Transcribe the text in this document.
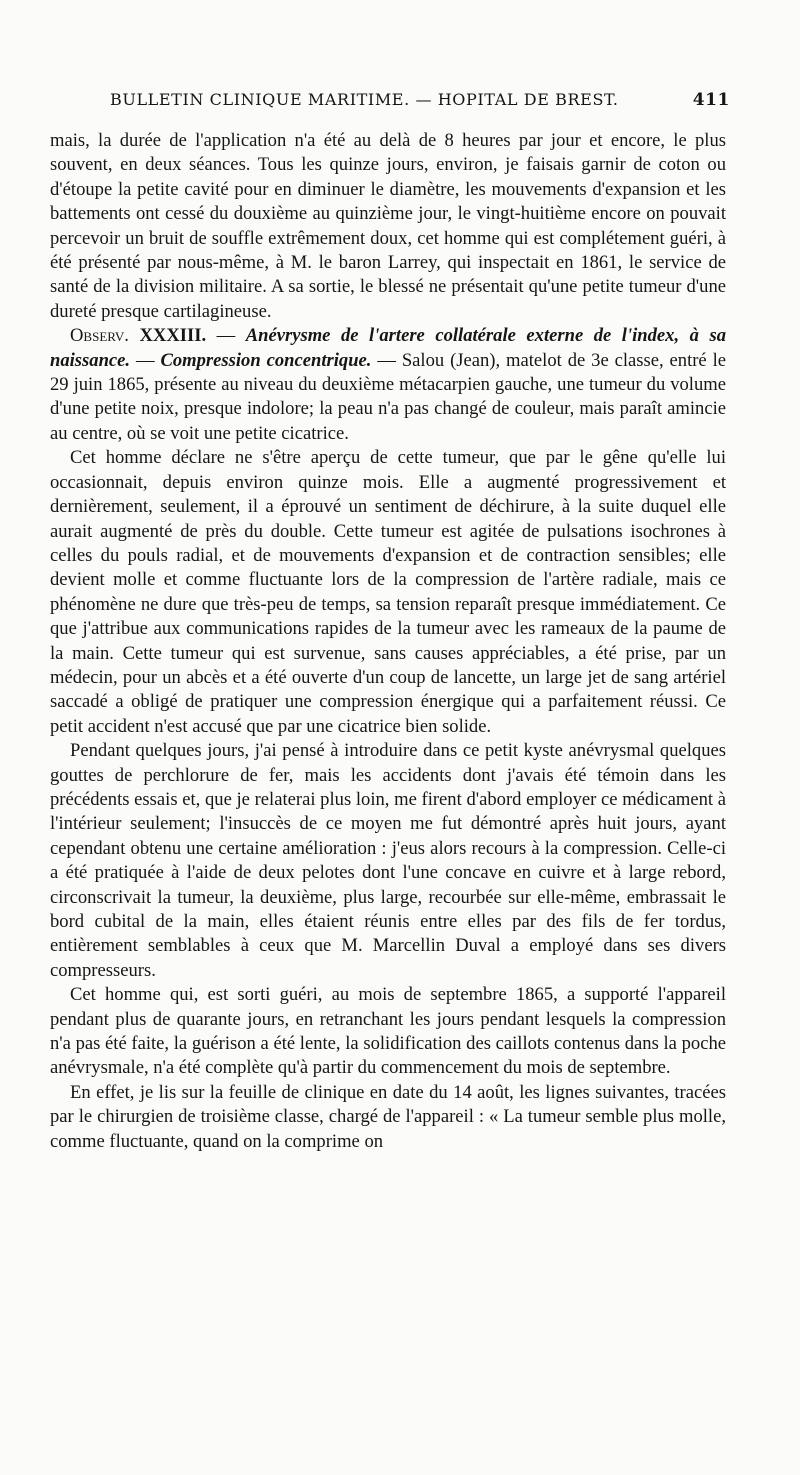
BULLETIN CLINIQUE MARITIME. — HOPITAL DE BREST.	411

mais, la durée de l'application n'a été au delà de 8 heures par jour et encore, le plus souvent, en deux séances. Tous les quinze jours, environ, je faisais garnir de coton ou d'étoupe la petite cavité pour en diminuer le diamètre, les mouvements d'expansion et les battements ont cessé du douxième au quinzième jour, le vingt-huitième encore on pouvait percevoir un bruit de souffle extrêmement doux, cet homme qui est complétement guéri, à été présenté par nous-même, à M. le baron Larrey, qui inspectait en 1861, le service de santé de la division militaire. A sa sortie, le blessé ne présentait qu'une petite tumeur d'une dureté presque cartilagineuse.

Observ. XXXIII. — Anévrysme de l'artere collatérale externe de l'index, à sa naissance. — Compression concentrique. — Salou (Jean), matelot de 3e classe, entré le 29 juin 1865, présente au niveau du deuxième métacarpien gauche, une tumeur du volume d'une petite noix, presque indolore; la peau n'a pas changé de couleur, mais paraît amincie au centre, où se voit une petite cicatrice.

Cet homme déclare ne s'être aperçu de cette tumeur, que par le gêne qu'elle lui occasionnait, depuis environ quinze mois. Elle a augmenté progressivement et dernièrement, seulement, il a éprouvé un sentiment de déchirure, à la suite duquel elle aurait augmenté de près du double. Cette tumeur est agitée de pulsations isochrones à celles du pouls radial, et de mouvements d'expansion et de contraction sensibles; elle devient molle et comme fluctuante lors de la compression de l'artère radiale, mais ce phénomène ne dure que très-peu de temps, sa tension reparaît presque immédiatement. Ce que j'attribue aux communications rapides de la tumeur avec les rameaux de la paume de la main. Cette tumeur qui est survenue, sans causes appréciables, a été prise, par un médecin, pour un abcès et a été ouverte d'un coup de lancette, un large jet de sang artériel saccadé a obligé de pratiquer une compression énergique qui a parfaitement réussi. Ce petit accident n'est accusé que par une cicatrice bien solide.

Pendant quelques jours, j'ai pensé à introduire dans ce petit kyste anévrysmal quelques gouttes de perchlorure de fer, mais les accidents dont j'avais été témoin dans les précédents essais et, que je relaterai plus loin, me firent d'abord employer ce médicament à l'intérieur seulement; l'insuccès de ce moyen me fut démontré après huit jours, ayant cependant obtenu une certaine amélioration : j'eus alors recours à la compression. Celle-ci a été pratiquée à l'aide de deux pelotes dont l'une concave en cuivre et à large rebord, circonscrivait la tumeur, la deuxième, plus large, recourbée sur elle-même, embrassait le bord cubital de la main, elles étaient réunis entre elles par des fils de fer tordus, entièrement semblables à ceux que M. Marcellin Duval a employé dans ses divers compresseurs.

Cet homme qui, est sorti guéri, au mois de septembre 1865, a supporté l'appareil pendant plus de quarante jours, en retranchant les jours pendant lesquels la compression n'a pas été faite, la guérison a été lente, la solidification des caillots contenus dans la poche anévrysmale, n'a été complète qu'à partir du commencement du mois de septembre.

En effet, je lis sur la feuille de clinique en date du 14 août, les lignes suivantes, tracées par le chirurgien de troisième classe, chargé de l'appareil : « La tumeur semble plus molle, comme fluctuante, quand on la comprime on
